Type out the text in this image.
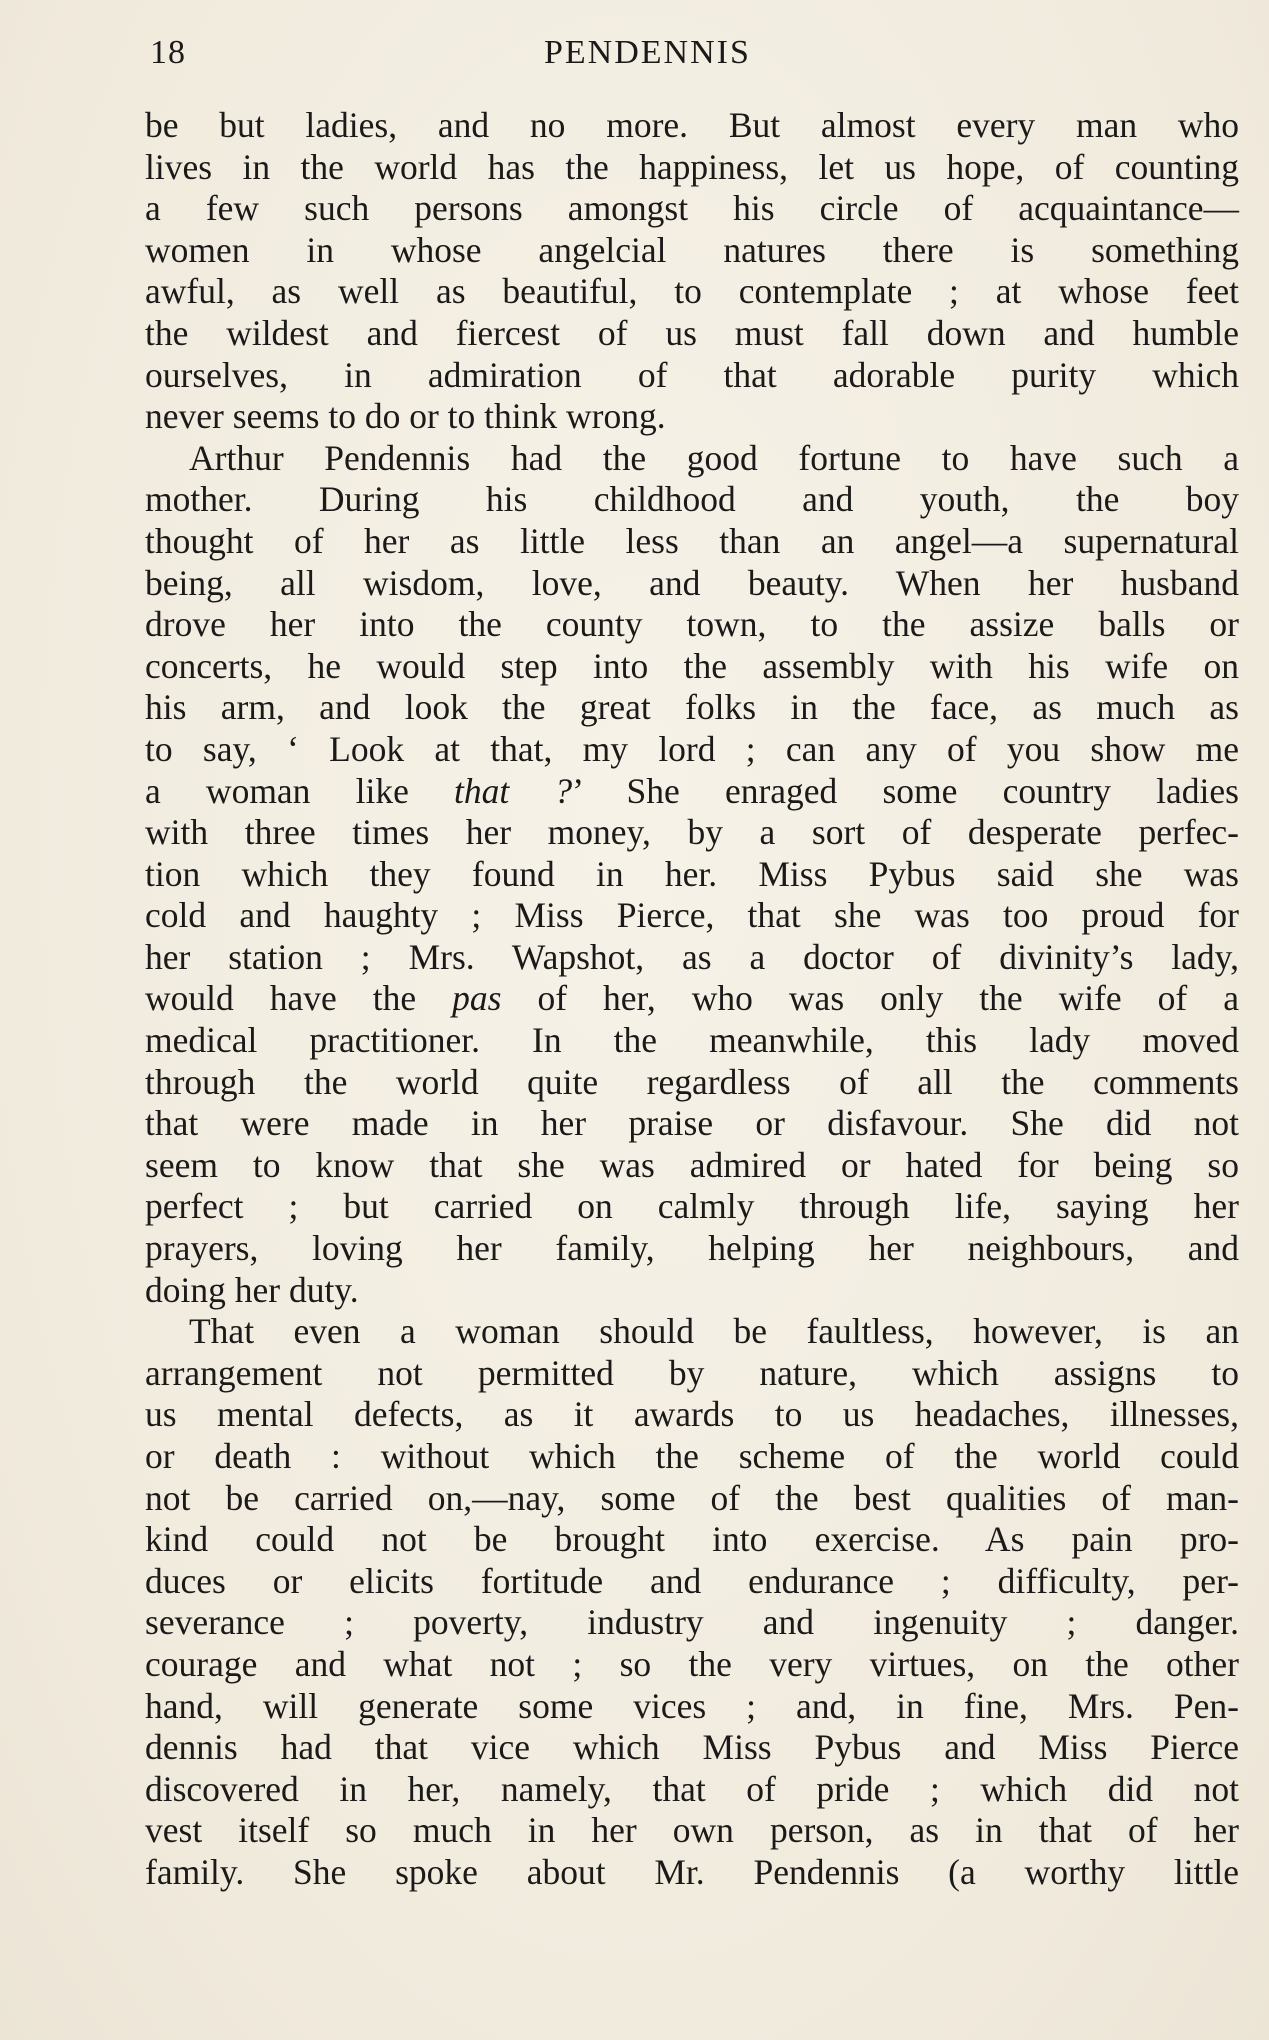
18	PENDENNIS
be but ladies, and no more. But almost every man who
lives in the world has the happiness, let us hope, of counting
a few such persons amongst his circle of acquaintance—
women in whose angelcial natures there is something
awful, as well as beautiful, to contemplate ; at whose feet
the wildest and fiercest of us must fall down and humble
ourselves, in admiration of that adorable purity which
never seems to do or to think wrong.
Arthur Pendennis had the good fortune to have such a
mother. During his childhood and youth, the boy
thought of her as little less than an angel—a supernatural
being, all wisdom, love, and beauty. When her husband
drove her into the county town, to the assize balls or
concerts, he would step into the assembly with his wife on
his arm, and look the great folks in the face, as much as
to say, ‘ Look at that, my lord ; can any of you show me
a woman like that ?’ She enraged some country ladies
with three times her money, by a sort of desperate perfec-
tion which they found in her. Miss Pybus said she was
cold and haughty ; Miss Pierce, that she was too proud for
her station ; Mrs. Wapshot, as a doctor of divinity’s lady,
would have the pas of her, who was only the wife of a
medical practitioner. In the meanwhile, this lady moved
through the world quite regardless of all the comments
that were made in her praise or disfavour. She did not
seem to know that she was admired or hated for being so
perfect ; but carried on calmly through life, saying her
prayers, loving her family, helping her neighbours, and
doing her duty.
That even a woman should be faultless, however, is an
arrangement not permitted by nature, which assigns to
us mental defects, as it awards to us headaches, illnesses,
or death : without which the scheme of the world could
not be carried on,—nay, some of the best qualities of man-
kind could not be brought into exercise. As pain pro-
duces or elicits fortitude and endurance ; difficulty, per-
severance ; poverty, industry and ingenuity ; danger.
courage and what not ; so the very virtues, on the other
hand, will generate some vices ; and, in fine, Mrs. Pen-
dennis had that vice which Miss Pybus and Miss Pierce
discovered in her, namely, that of pride ; which did not
vest itself so much in her own person, as in that of her
family. She spoke about Mr. Pendennis (a worthy little
